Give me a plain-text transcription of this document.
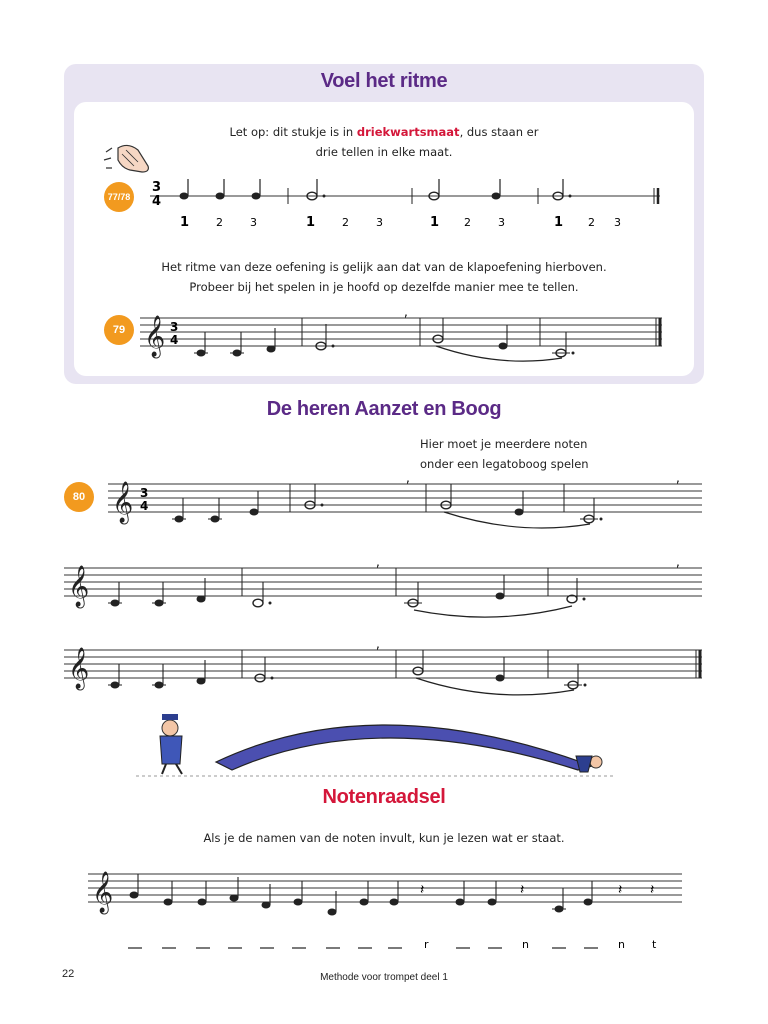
Voel het ritme
Let op: dit stukje is in driekwartsmaat, dus staan er
drie tellen in elke maat.
77/78
3
4
1 2 3	1 2 3	1 2 3	1 2 3
Het ritme van deze oefening is gelijk aan dat van de klapoefening hierboven.
Probeer bij het spelen in je hoofd op dezelfde manier mee te tellen.
79 𝄞 3
4
,
De heren Aanzet en Boog
Hier moet je meerdere noten
onder een legatoboog spelen
80 𝄞 3
4
,	,
𝄞
,	,
𝄞
,
Notenraadsel
Als je de namen van de noten invult, kun je lezen wat er staat.
𝄞	𝄽	𝄽	𝄽 𝄽
r	n	n t
22	Methode voor trompet deel 1
